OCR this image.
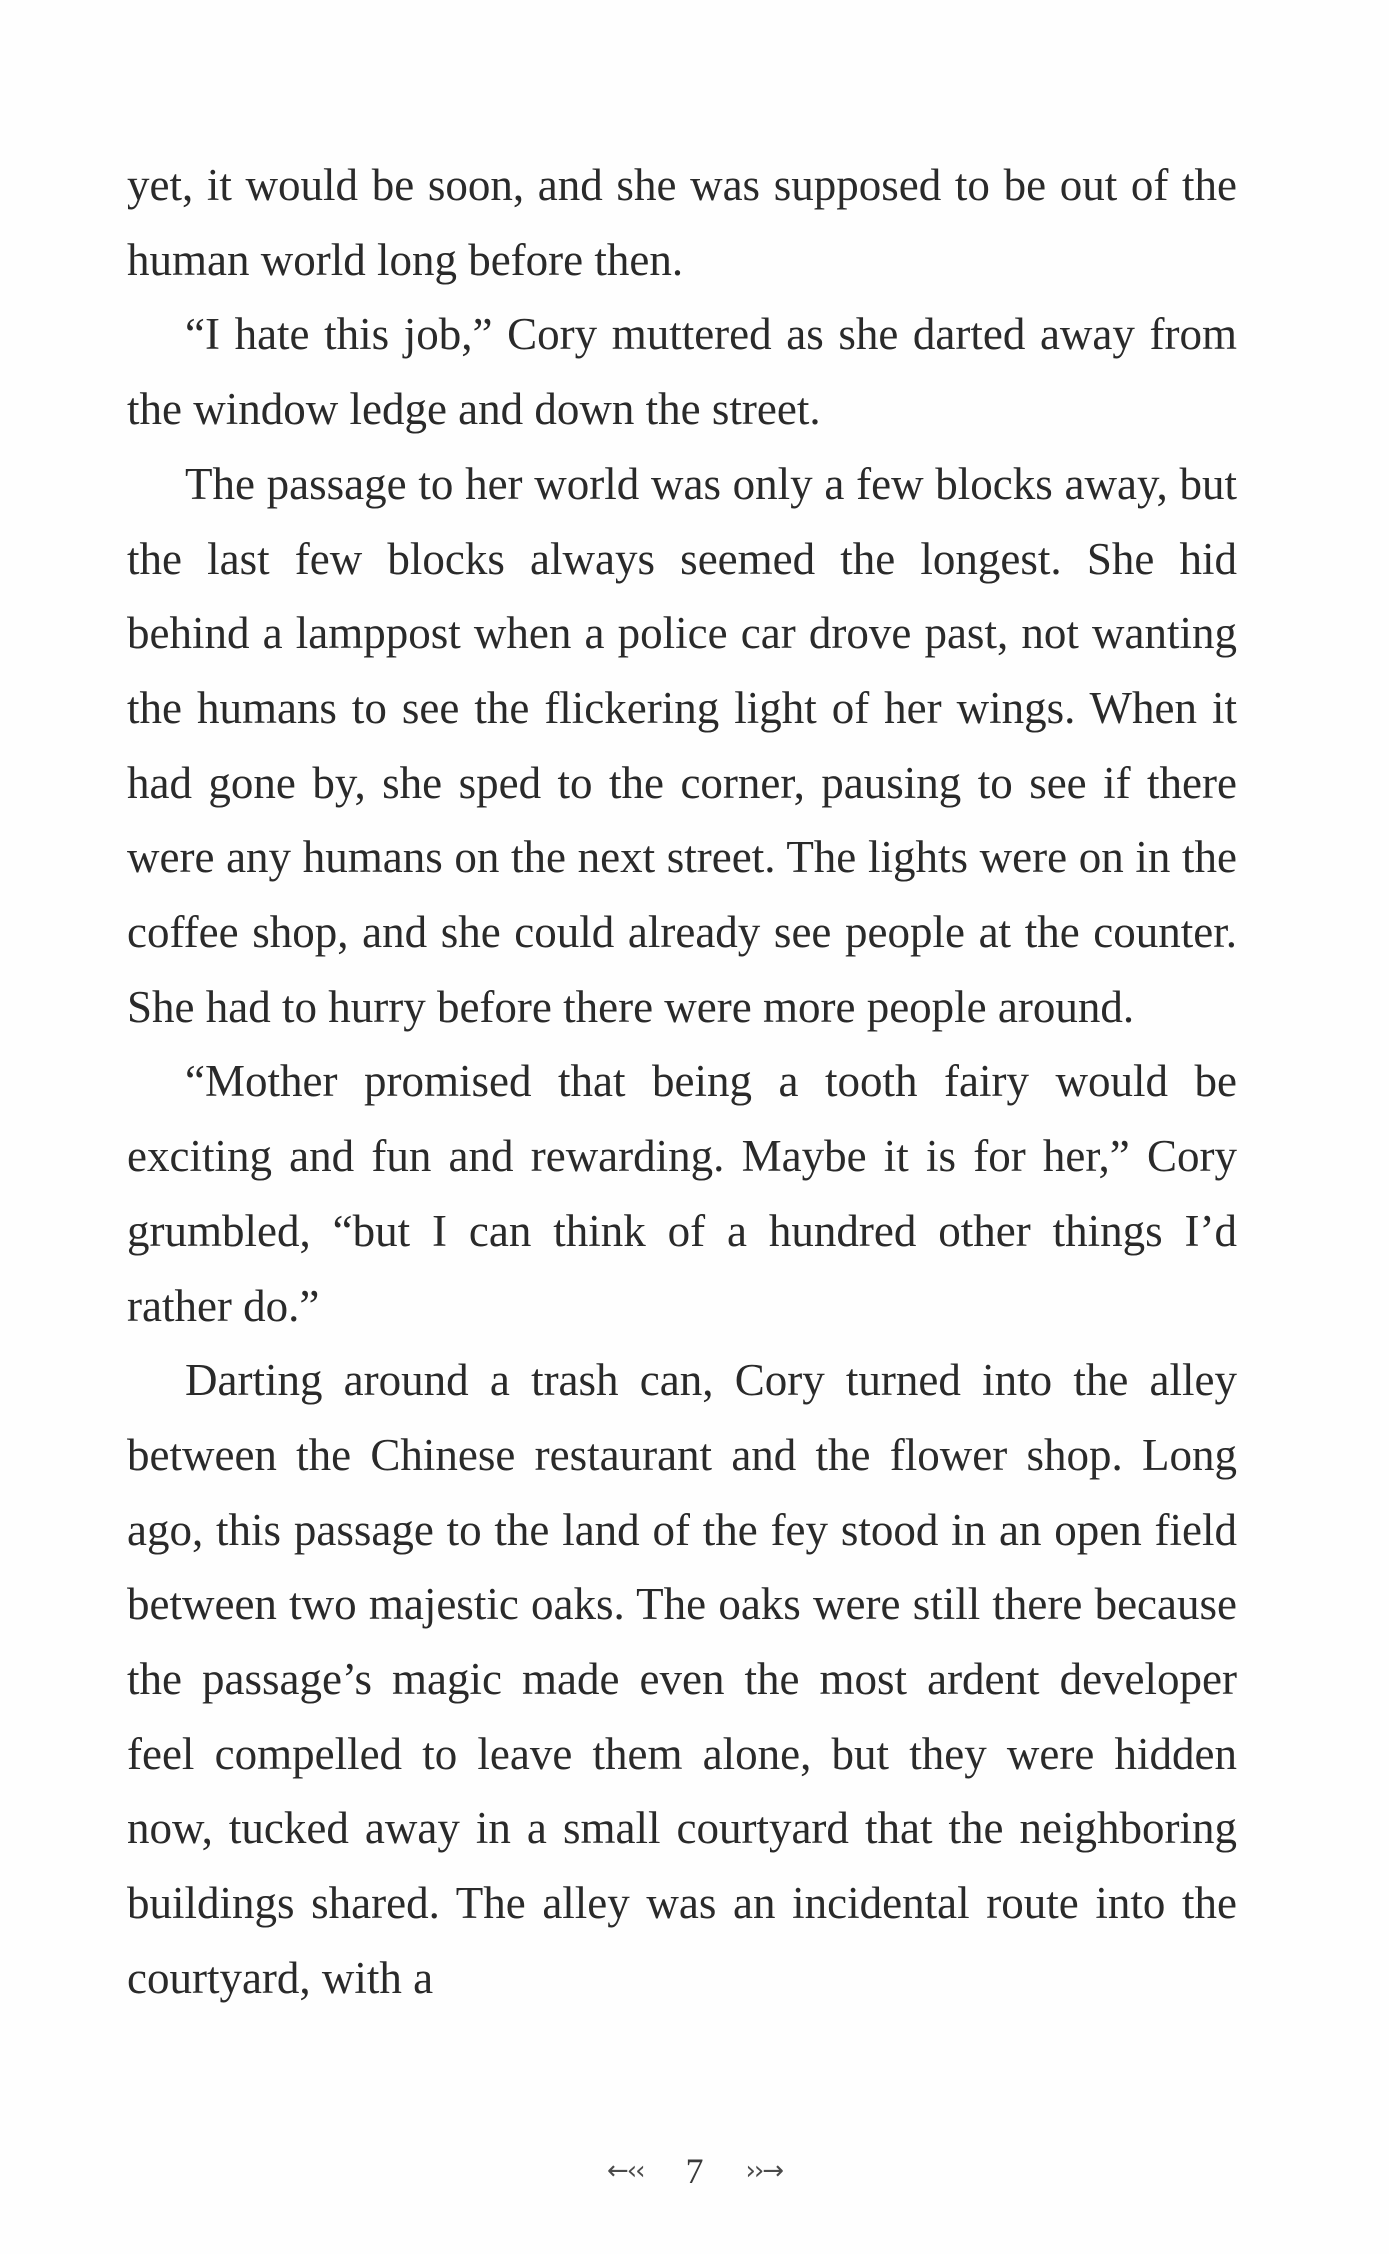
yet, it would be soon, and she was supposed to be out of the human world long before then.

“I hate this job,” Cory muttered as she darted away from the window ledge and down the street.

The passage to her world was only a few blocks away, but the last few blocks always seemed the longest. She hid behind a lamppost when a police car drove past, not wanting the humans to see the flickering light of her wings. When it had gone by, she sped to the corner, pausing to see if there were any humans on the next street. The lights were on in the coffee shop, and she could already see people at the counter. She had to hurry before there were more people around.

“Mother promised that being a tooth fairy would be exciting and fun and rewarding. Maybe it is for her,” Cory grumbled, “but I can think of a hundred other things I’d rather do.”

Darting around a trash can, Cory turned into the alley between the Chinese restaurant and the flower shop. Long ago, this passage to the land of the fey stood in an open field between two majestic oaks. The oaks were still there because the passage’s magic made even the most ardent developer feel compelled to leave them alone, but they were hidden now, tucked away in a small courtyard that the neighboring buildings shared. The alley was an incidental route into the courtyard, with a

←‹‹ 7 ››→
